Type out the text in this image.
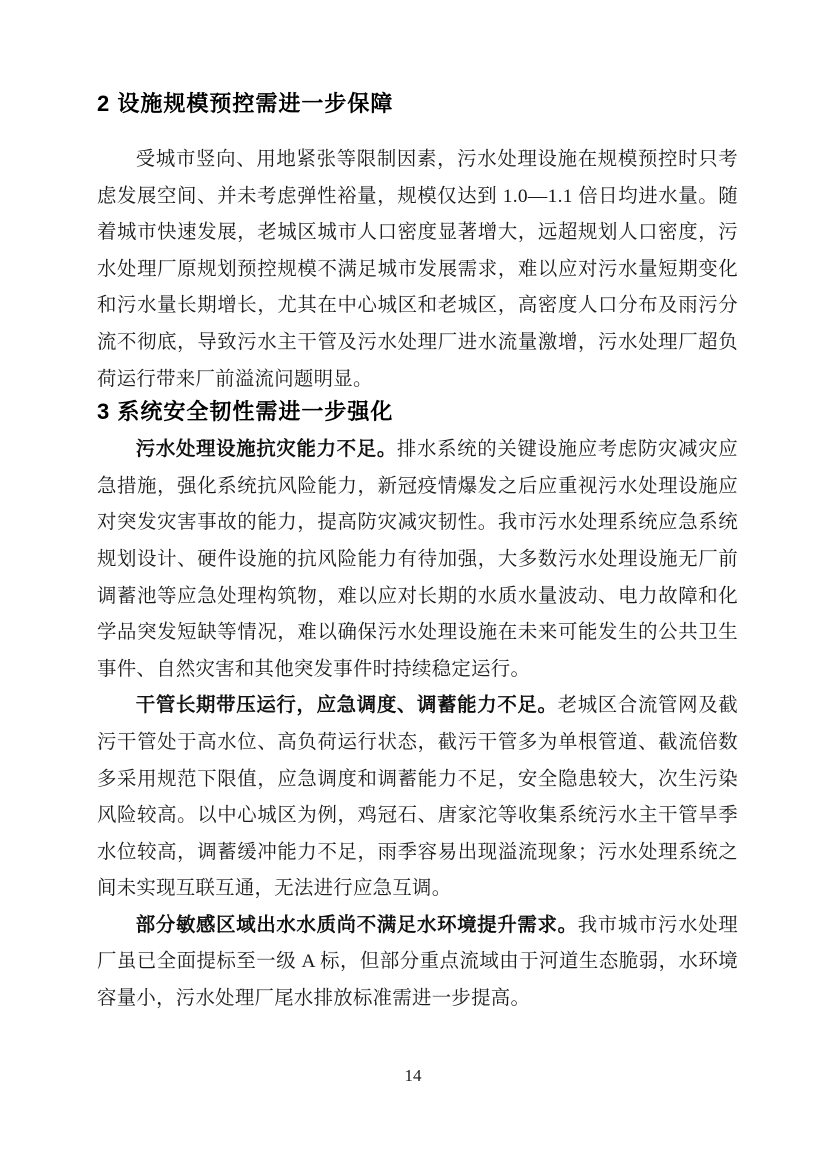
2 设施规模预控需进一步保障

受城市竖向、用地紧张等限制因素，污水处理设施在规模预控时只考虑发展空间、并未考虑弹性裕量，规模仅达到 1.0—1.1 倍日均进水量。随着城市快速发展，老城区城市人口密度显著增大，远超规划人口密度，污水处理厂原规划预控规模不满足城市发展需求，难以应对污水量短期变化和污水量长期增长，尤其在中心城区和老城区，高密度人口分布及雨污分流不彻底，导致污水主干管及污水处理厂进水流量激增，污水处理厂超负荷运行带来厂前溢流问题明显。

3 系统安全韧性需进一步强化

污水处理设施抗灾能力不足。排水系统的关键设施应考虑防灾减灾应急措施，强化系统抗风险能力，新冠疫情爆发之后应重视污水处理设施应对突发灾害事故的能力，提高防灾减灾韧性。我市污水处理系统应急系统规划设计、硬件设施的抗风险能力有待加强，大多数污水处理设施无厂前调蓄池等应急处理构筑物，难以应对长期的水质水量波动、电力故障和化学品突发短缺等情况，难以确保污水处理设施在未来可能发生的公共卫生事件、自然灾害和其他突发事件时持续稳定运行。

干管长期带压运行，应急调度、调蓄能力不足。老城区合流管网及截污干管处于高水位、高负荷运行状态，截污干管多为单根管道、截流倍数多采用规范下限值，应急调度和调蓄能力不足，安全隐患较大，次生污染风险较高。以中心城区为例，鸡冠石、唐家沱等收集系统污水主干管旱季水位较高，调蓄缓冲能力不足，雨季容易出现溢流现象；污水处理系统之间未实现互联互通，无法进行应急互调。

部分敏感区域出水水质尚不满足水环境提升需求。我市城市污水处理厂虽已全面提标至一级 A 标，但部分重点流域由于河道生态脆弱，水环境容量小，污水处理厂尾水排放标准需进一步提高。

14
